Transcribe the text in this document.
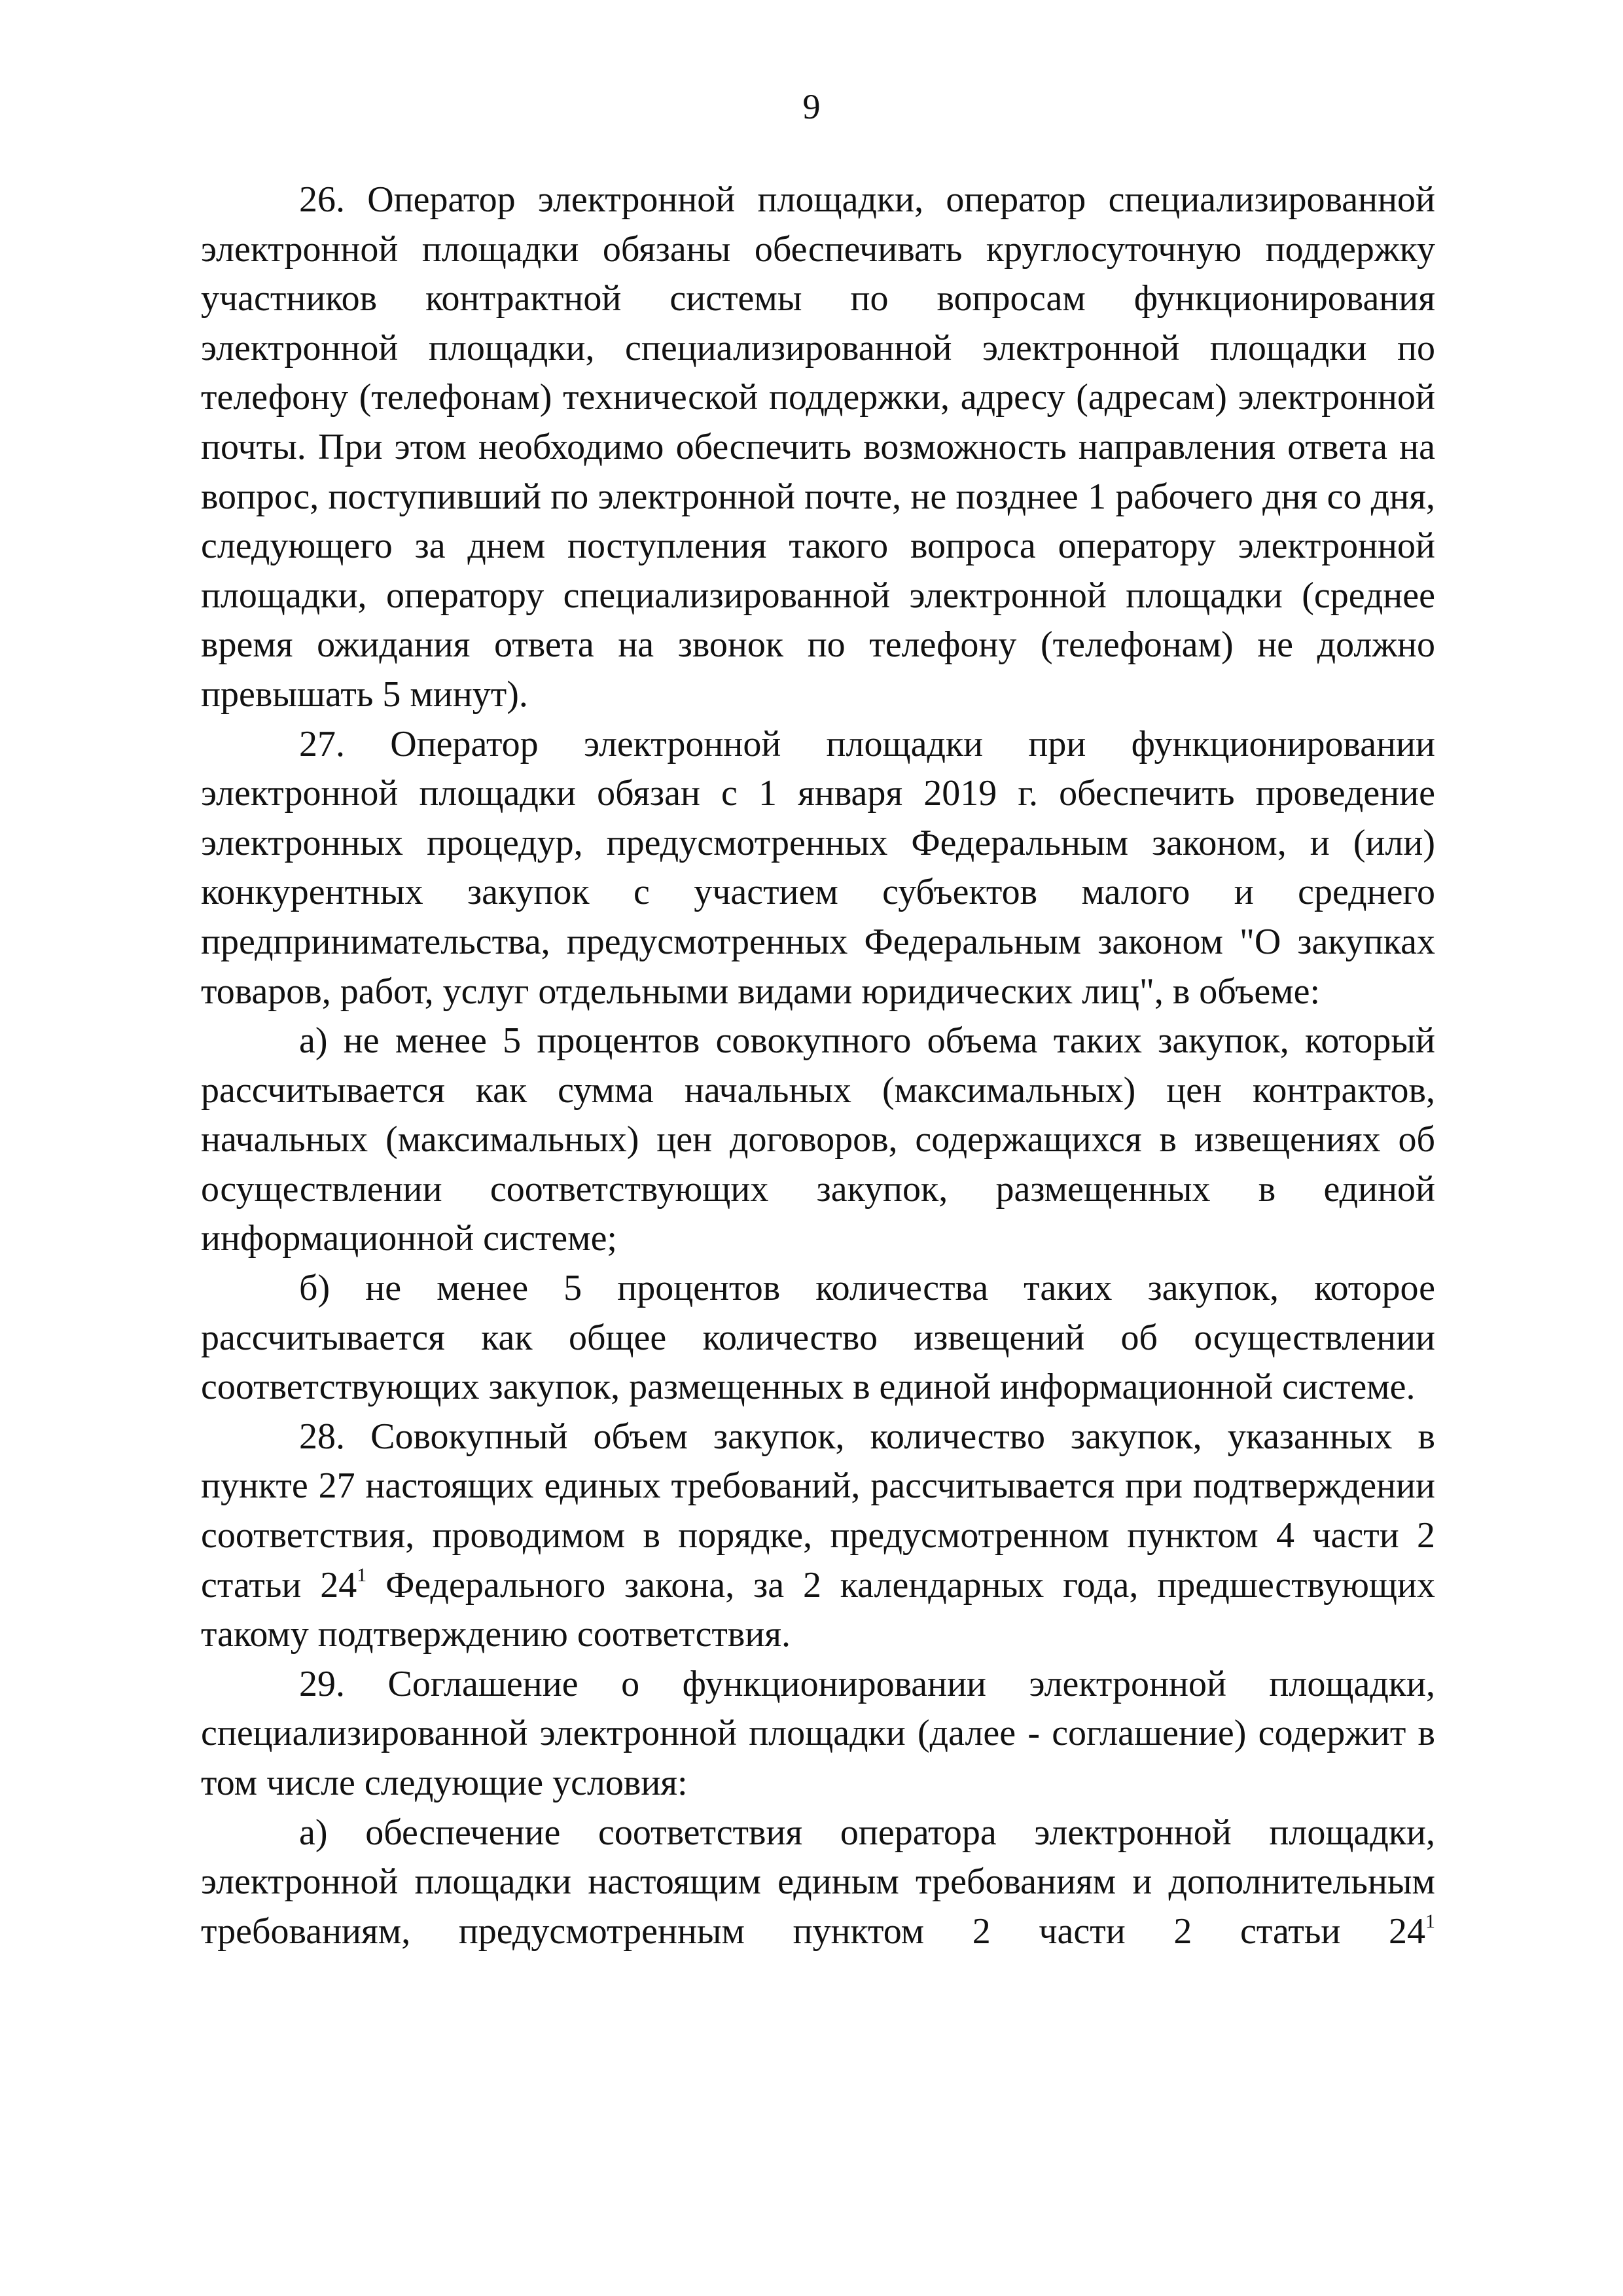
9

26. Оператор электронной площадки, оператор специализированной электронной площадки обязаны обеспечивать круглосуточную поддержку участников контрактной системы по вопросам функционирования электронной площадки, специализированной электронной площадки по телефону (телефонам) технической поддержки, адресу (адресам) электронной почты. При этом необходимо обеспечить возможность направления ответа на вопрос, поступивший по электронной почте, не позднее 1 рабочего дня со дня, следующего за днем поступления такого вопроса оператору электронной площадки, оператору специализированной электронной площадки (среднее время ожидания ответа на звонок по телефону (телефонам) не должно превышать 5 минут).

27. Оператор электронной площадки при функционировании электронной площадки обязан с 1 января 2019 г. обеспечить проведение электронных процедур, предусмотренных Федеральным законом, и (или) конкурентных закупок с участием субъектов малого и среднего предпринимательства, предусмотренных Федеральным законом "О закупках товаров, работ, услуг отдельными видами юридических лиц", в объеме:

а) не менее 5 процентов совокупного объема таких закупок, который рассчитывается как сумма начальных (максимальных) цен контрактов, начальных (максимальных) цен договоров, содержащихся в извещениях об осуществлении соответствующих закупок, размещенных в единой информационной системе;

б) не менее 5 процентов количества таких закупок, которое рассчитывается как общее количество извещений об осуществлении соответствующих закупок, размещенных в единой информационной системе.

28. Совокупный объем закупок, количество закупок, указанных в пункте 27 настоящих единых требований, рассчитывается при подтверждении соответствия, проводимом в порядке, предусмотренном пунктом 4 части 2 статьи $24^1$ Федерального закона, за 2 календарных года, предшествующих такому подтверждению соответствия.

29. Соглашение о функционировании электронной площадки, специализированной электронной площадки (далее - соглашение) содержит в том числе следующие условия:

а) обеспечение соответствия оператора электронной площадки, электронной площадки настоящим единым требованиям и дополнительным требованиям, предусмотренным пунктом 2 части 2 статьи $24^1$
